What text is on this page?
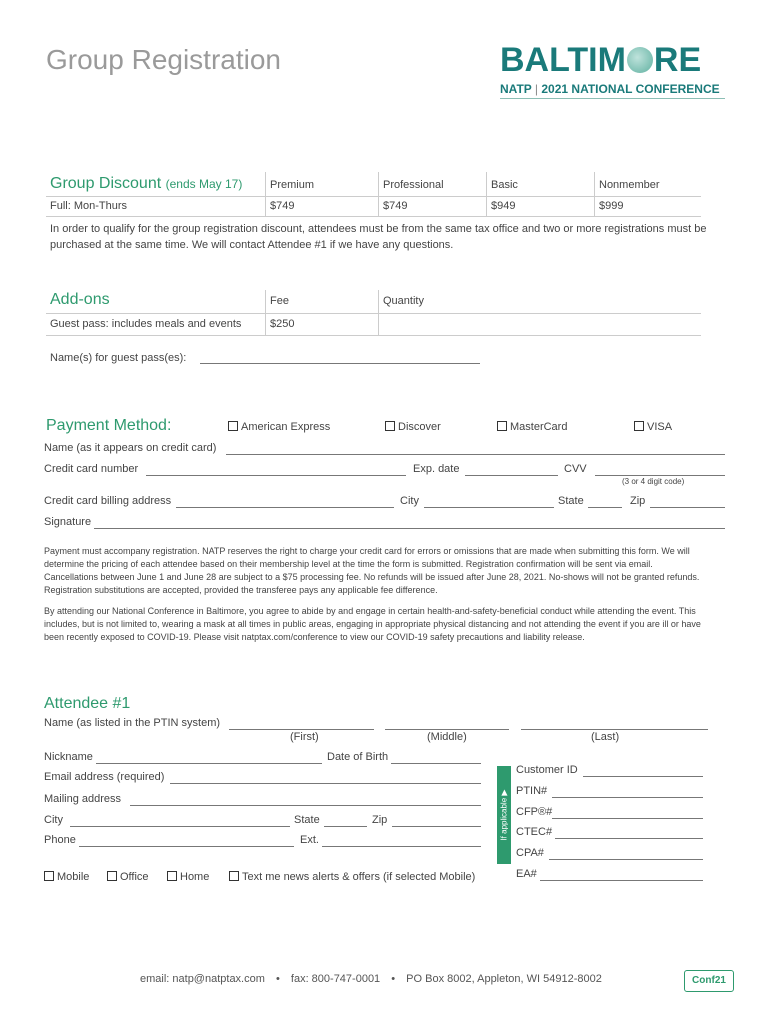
Group Registration	BALTIM RE
NATP | 2021 NATIONAL CONFERENCE
Group Discount (ends May 17)	Premium	Professional	Basic	Nonmember
Full: Mon-Thurs	$749	$749	$949	$999
In order to qualify for the group registration discount, attendees must be from the same tax office and two or more registrations must be purchased at the same time. We will contact Attendee #1 if we have any questions.
Add-ons	Fee	Quantity
Guest pass: includes meals and events	$250
Name(s) for guest pass(es):
Payment Method:	American Express	Discover	MasterCard	VISA
Name (as it appears on credit card)
Credit card number	Exp. date	CVV
(3 or 4 digit code)
Credit card billing address	City	State	Zip
Signature
Payment must accompany registration. NATP reserves the right to charge your credit card for errors or omissions that are made when submitting this form. We will determine the pricing of each attendee based on their membership level at the time the form is submitted. Registration confirmation will be sent via email. Cancellations between June 1 and June 28 are subject to a $75 processing fee. No refunds will be issued after June 28, 2021. No-shows will not be granted refunds. Registration substitutions are accepted, provided the transferee pays any applicable fee difference.
By attending our National Conference in Baltimore, you agree to abide by and engage in certain health-and-safety-beneficial conduct while attending the event. This includes, but is not limited to, wearing a mask at all times in public areas, engaging in appropriate physical distancing and not attending the event if you are ill or have been recently exposed to COVID-19. Please visit natptax.com/conference to view our COVID-19 safety precautions and liability release.
Attendee #1
Name (as listed in the PTIN system)
(First)	(Middle)	(Last)
Nickname	Date of Birth
Email address (required)
Mailing address
City	State	Zip
Phone	Ext.
Mobile	Office	Home	Text me news alerts & offers (if selected Mobile)
If applicable ▶
Customer ID
PTIN#
CFP®#
CTEC#
CPA#
EA#
email: natp@natptax.com • fax: 800-747-0001 • PO Box 8002, Appleton, WI 54912-8002	Conf21
